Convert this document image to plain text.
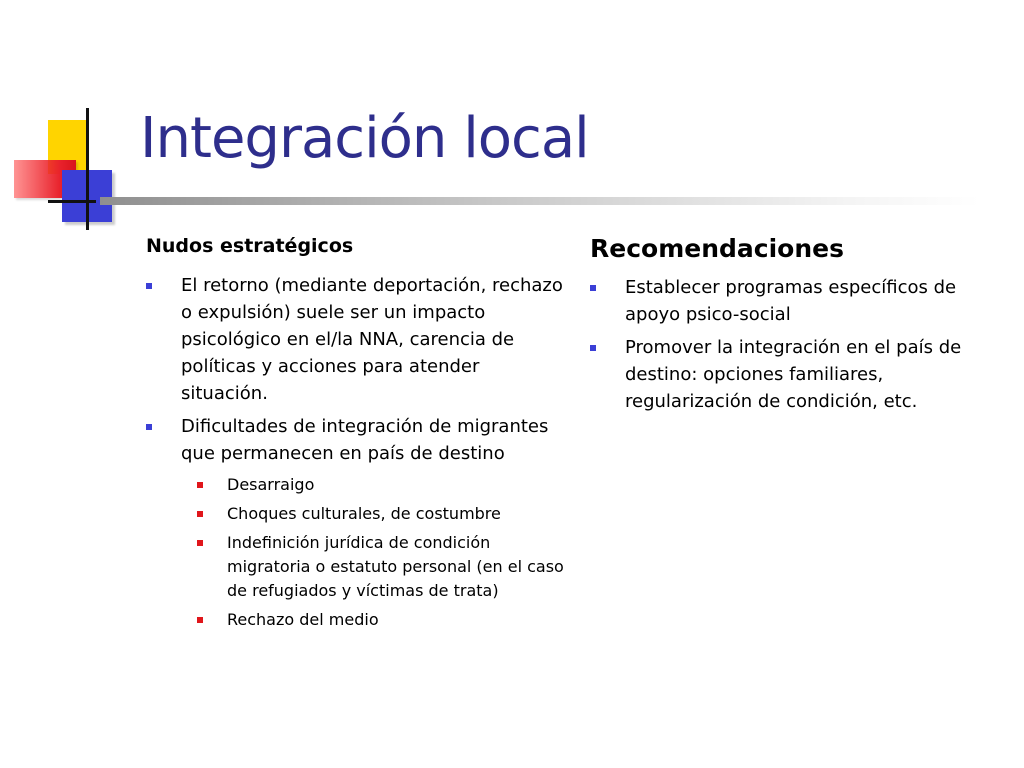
Integración local
Nudos estratégicos
El retorno (mediante deportación, rechazo o expulsión) suele ser un impacto psicológico en el/la NNA, carencia de políticas y acciones para atender situación.
Dificultades de integración de migrantes que permanecen en país de destino
Desarraigo
Choques culturales, de costumbre
Indefinición jurídica de condición migratoria o estatuto personal (en el caso de refugiados y víctimas de trata)
Rechazo del medio
Recomendaciones
Establecer programas específicos de apoyo psico-social
Promover la integración en el país de destino: opciones familiares, regularización de condición, etc.
